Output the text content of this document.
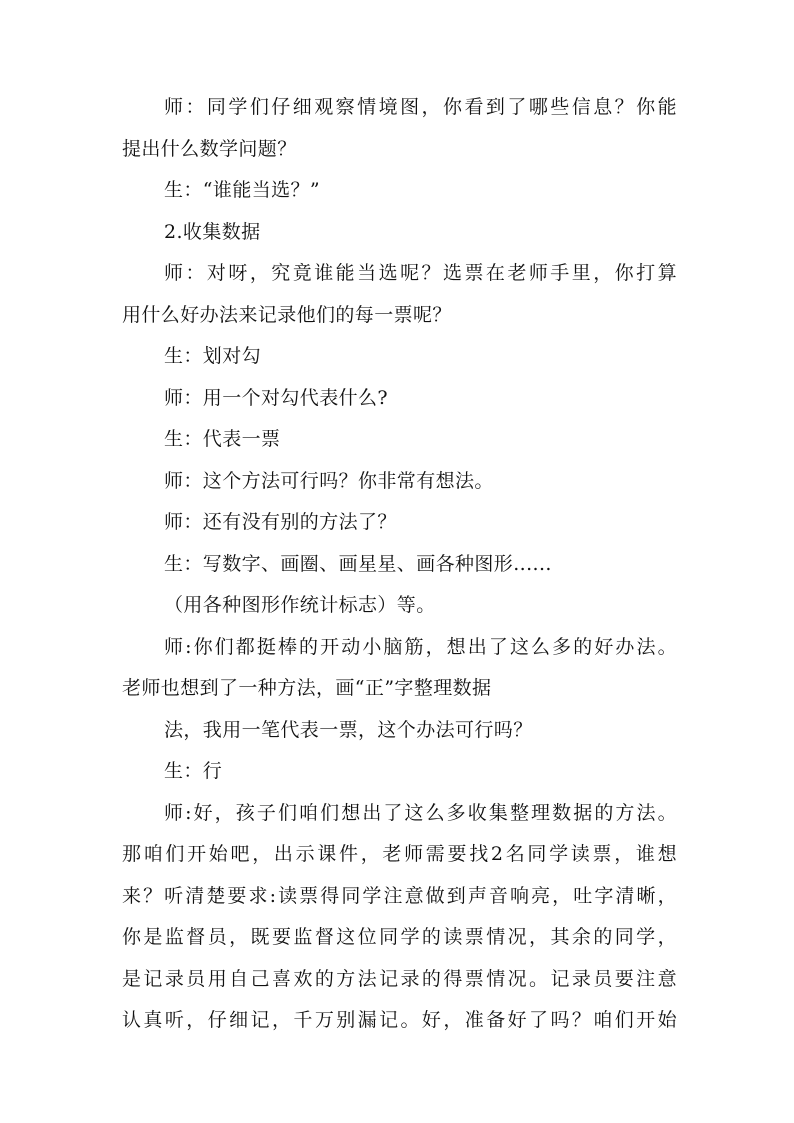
师：同学们仔细观察情境图，你看到了哪些信息？你能
提出什么数学问题？
生：“谁能当选？”
2.收集数据
师：对呀，究竟谁能当选呢？选票在老师手里，你打算
用什么好办法来记录他们的每一票呢？
生：划对勾
师：用一个对勾代表什么?
生：代表一票
师：这个方法可行吗？你非常有想法。
师：还有没有别的方法了？
生：写数字、画圈、画星星、画各种图形......
（用各种图形作统计标志）等。
师:你们都挺棒的开动小脑筋，想出了这么多的好办法。
老师也想到了一种方法，画“正”字整理数据
法，我用一笔代表一票，这个办法可行吗？
生：行
师:好，孩子们咱们想出了这么多收集整理数据的方法。
那咱们开始吧，出示课件，老师需要找2名同学读票，谁想
来？听清楚要求:读票得同学注意做到声音响亮，吐字清晰，
你是监督员，既要监督这位同学的读票情况，其余的同学，
是记录员用自己喜欢的方法记录的得票情况。记录员要注意
认真听，仔细记，千万别漏记。好，准备好了吗？咱们开始
